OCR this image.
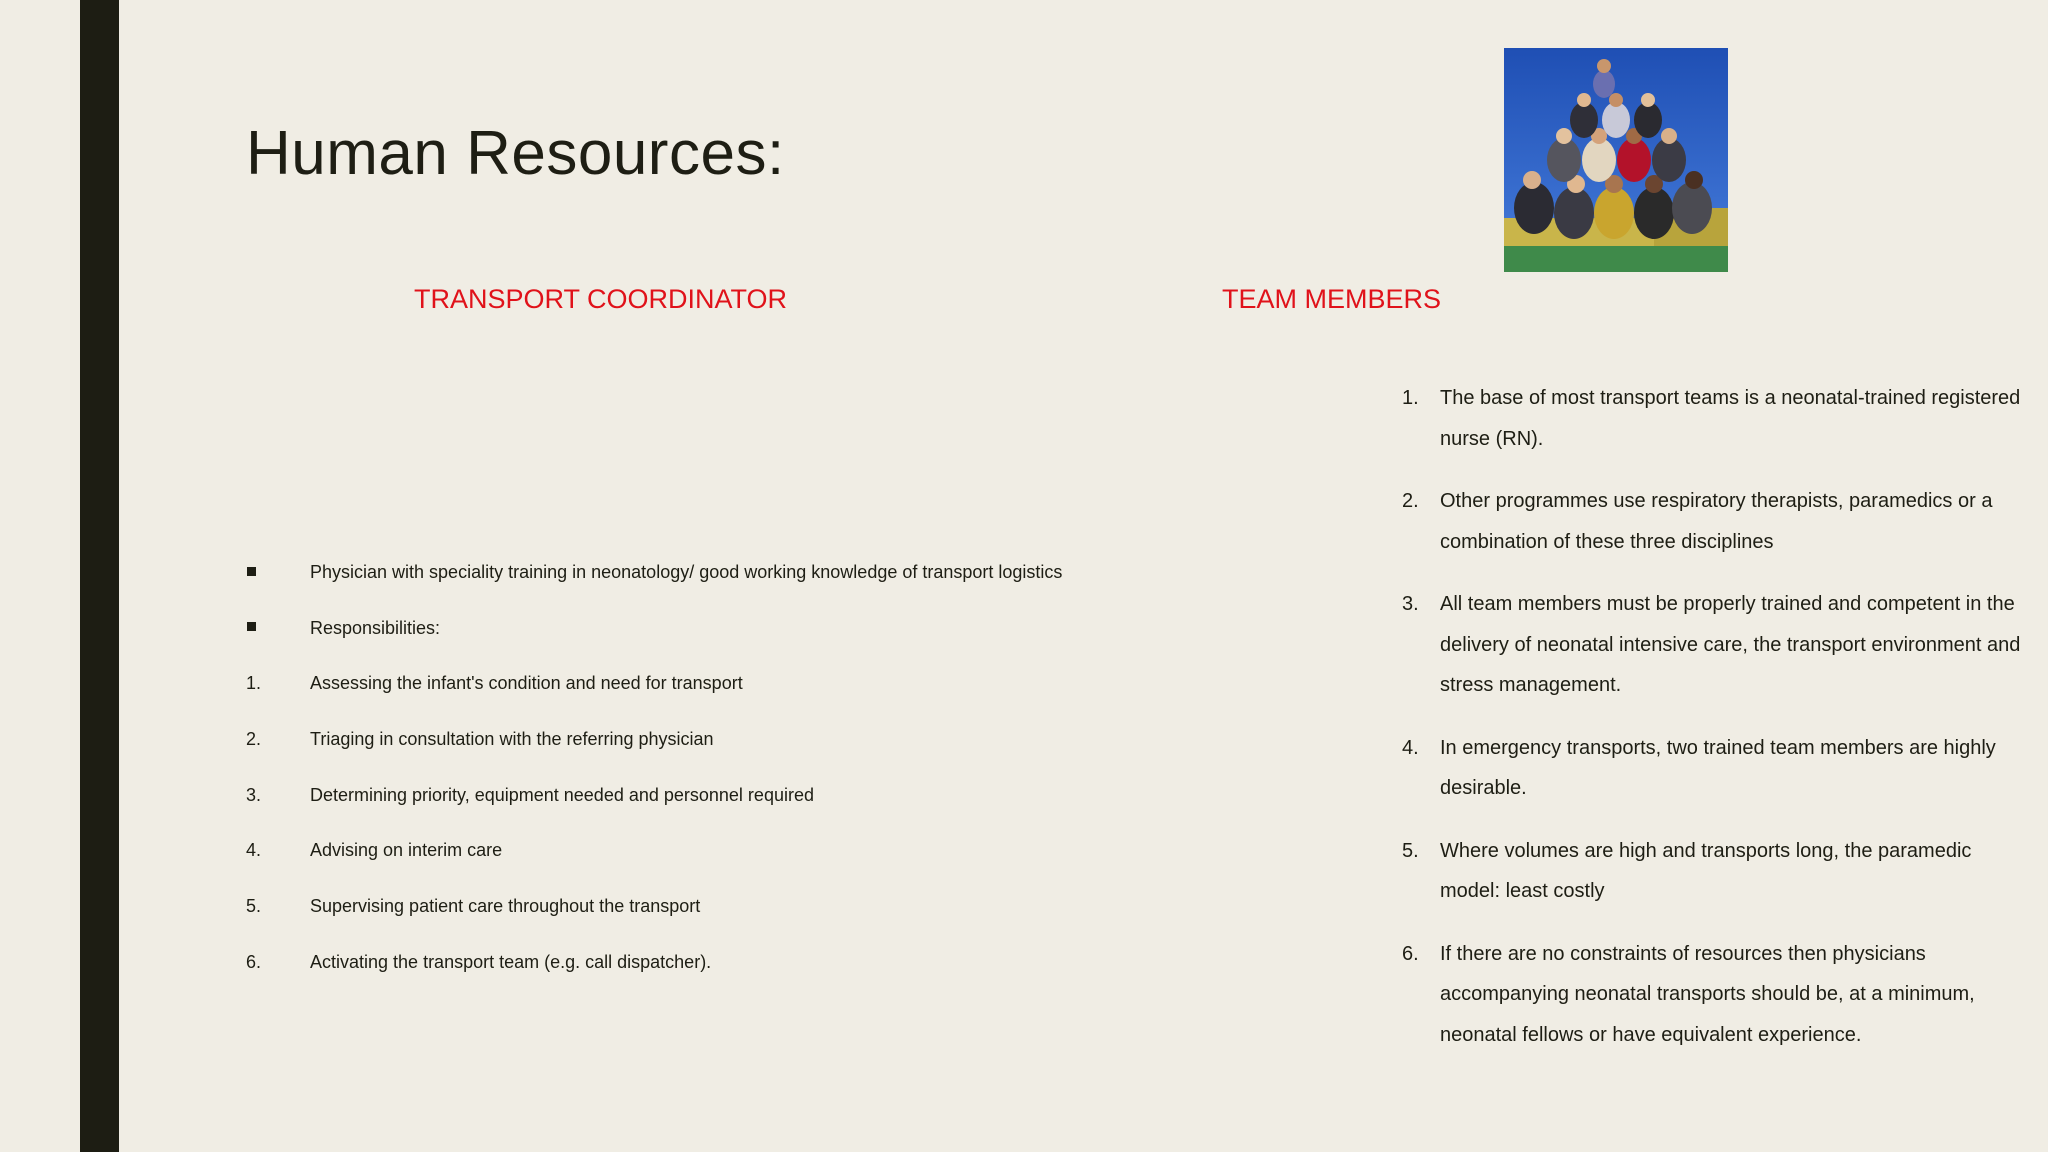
Human Resources:
TRANSPORT COORDINATOR	TEAM MEMBERS
Physician with speciality training in neonatology/ good working knowledge of transport logistics
Responsibilities:
1.	Assessing the infant's condition and need for transport
2.	Triaging in consultation with the referring physician
3.	Determining priority, equipment needed and personnel required
4.	Advising on interim care
5.	Supervising patient care throughout the transport
6.	Activating the transport team (e.g. call dispatcher).
1. The base of most transport teams is a neonatal-trained registered nurse (RN).
2. Other programmes use respiratory therapists, paramedics or a combination of these three disciplines
3. All team members must be properly trained and competent in the delivery of neonatal intensive care, the transport environment and stress management.
4. In emergency transports, two trained team members are highly desirable.
5. Where volumes are high and transports long, the paramedic model: least costly
6. If there are no constraints of resources then physicians accompanying neonatal transports should be, at a minimum, neonatal fellows or have equivalent experience.
